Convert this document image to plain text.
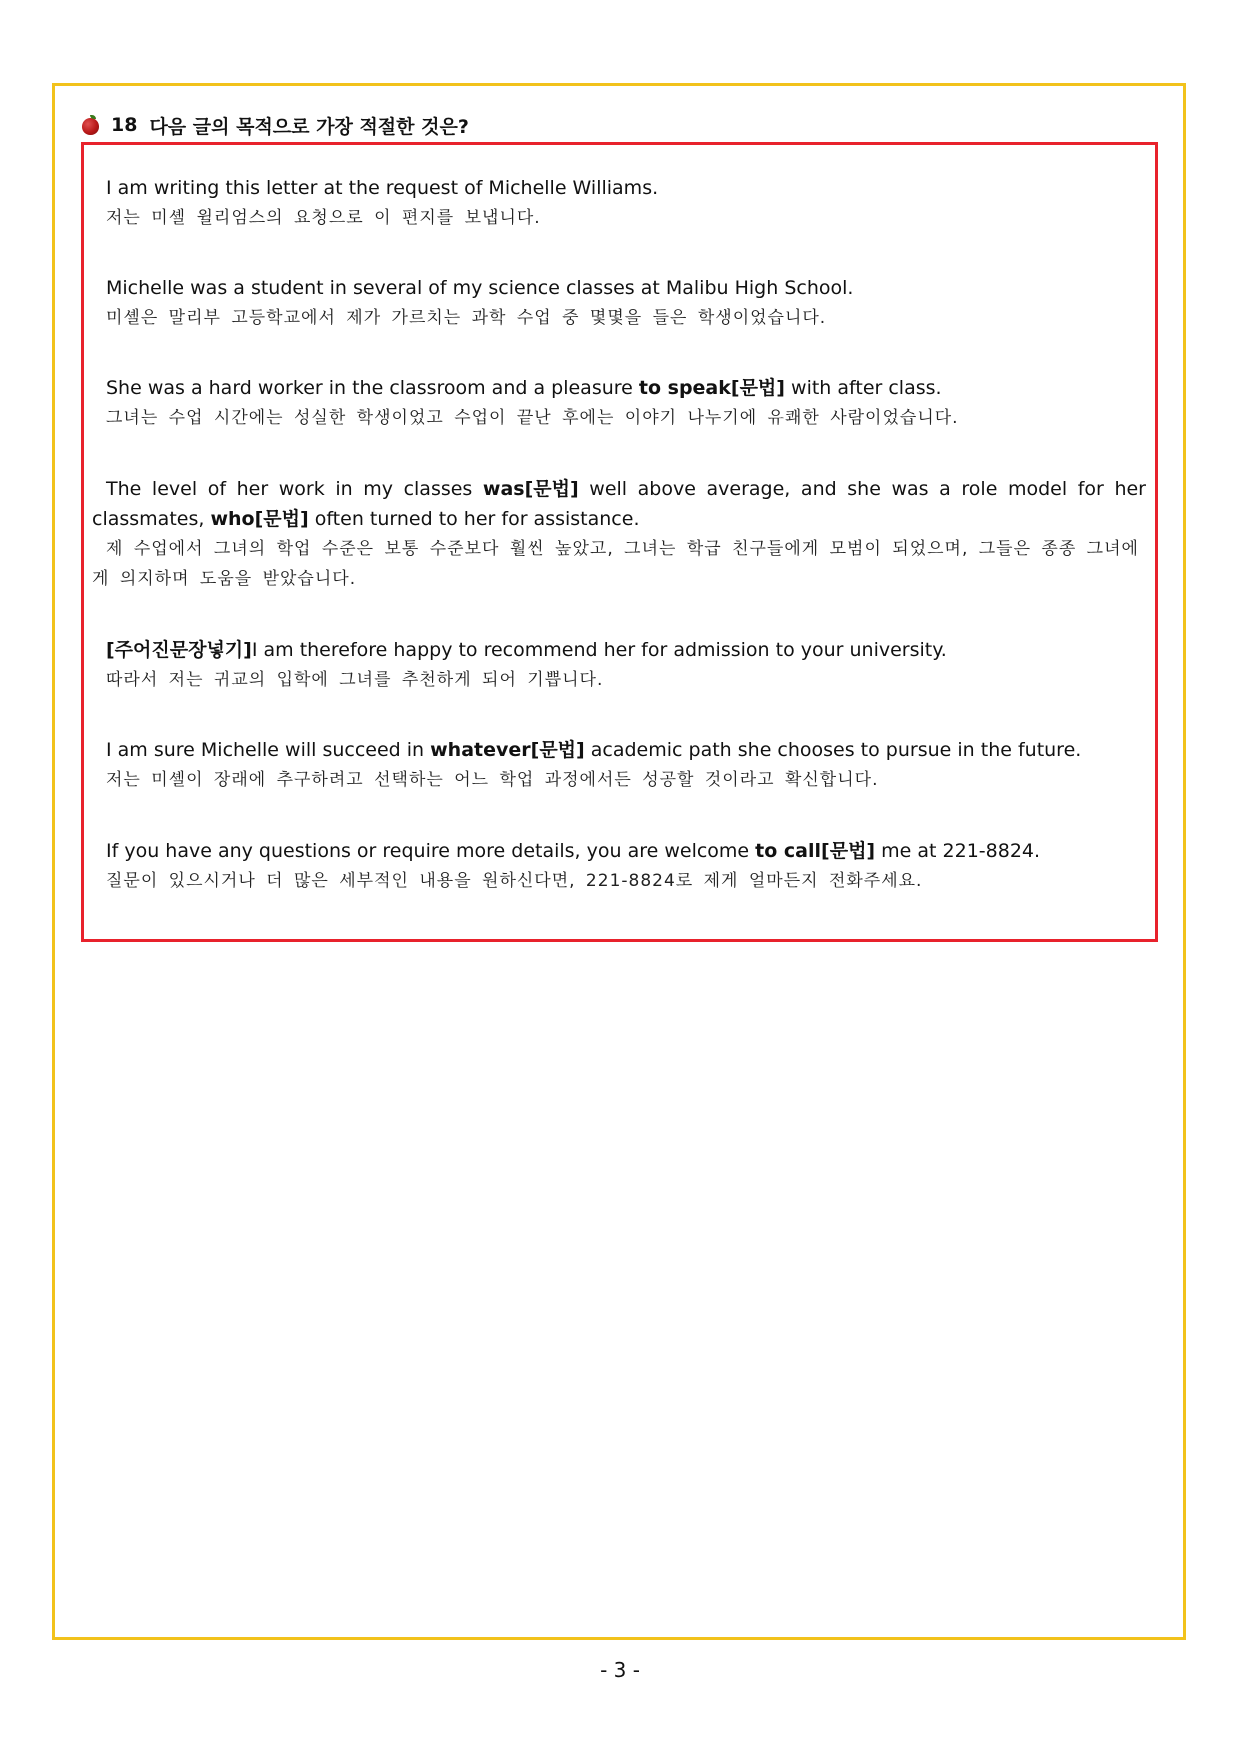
18 다음 글의 목적으로 가장 적절한 것은?
I am writing this letter at the request of Michelle Williams.
저는 미셸 윌리엄스의 요청으로 이 편지를 보냅니다.
Michelle was a student in several of my science classes at Malibu High School.
미셸은 말리부 고등학교에서 제가 가르치는 과학 수업 중 몇몇을 들은 학생이었습니다.
She was a hard worker in the classroom and a pleasure to speak[문법] with after class.
그녀는 수업 시간에는 성실한 학생이었고 수업이 끝난 후에는 이야기 나누기에 유쾌한 사람이었습니다.
The level of her work in my classes was[문법] well above average, and she was a role model for her classmates, who[문법] often turned to her for assistance.
제 수업에서 그녀의 학업 수준은 보통 수준보다 훨씬 높았고, 그녀는 학급 친구들에게 모범이 되었으며, 그들은 종종 그녀에게 의지하며 도움을 받았습니다.
[주어진문장넣기]I am therefore happy to recommend her for admission to your university.
따라서 저는 귀교의 입학에 그녀를 추천하게 되어 기쁩니다.
I am sure Michelle will succeed in whatever[문법] academic path she chooses to pursue in the future.
저는 미셸이 장래에 추구하려고 선택하는 어느 학업 과정에서든 성공할 것이라고 확신합니다.
If you have any questions or require more details, you are welcome to call[문법] me at 221-8824.
질문이 있으시거나 더 많은 세부적인 내용을 원하신다면, 221-8824로 제게 얼마든지 전화주세요.
- 3 -
